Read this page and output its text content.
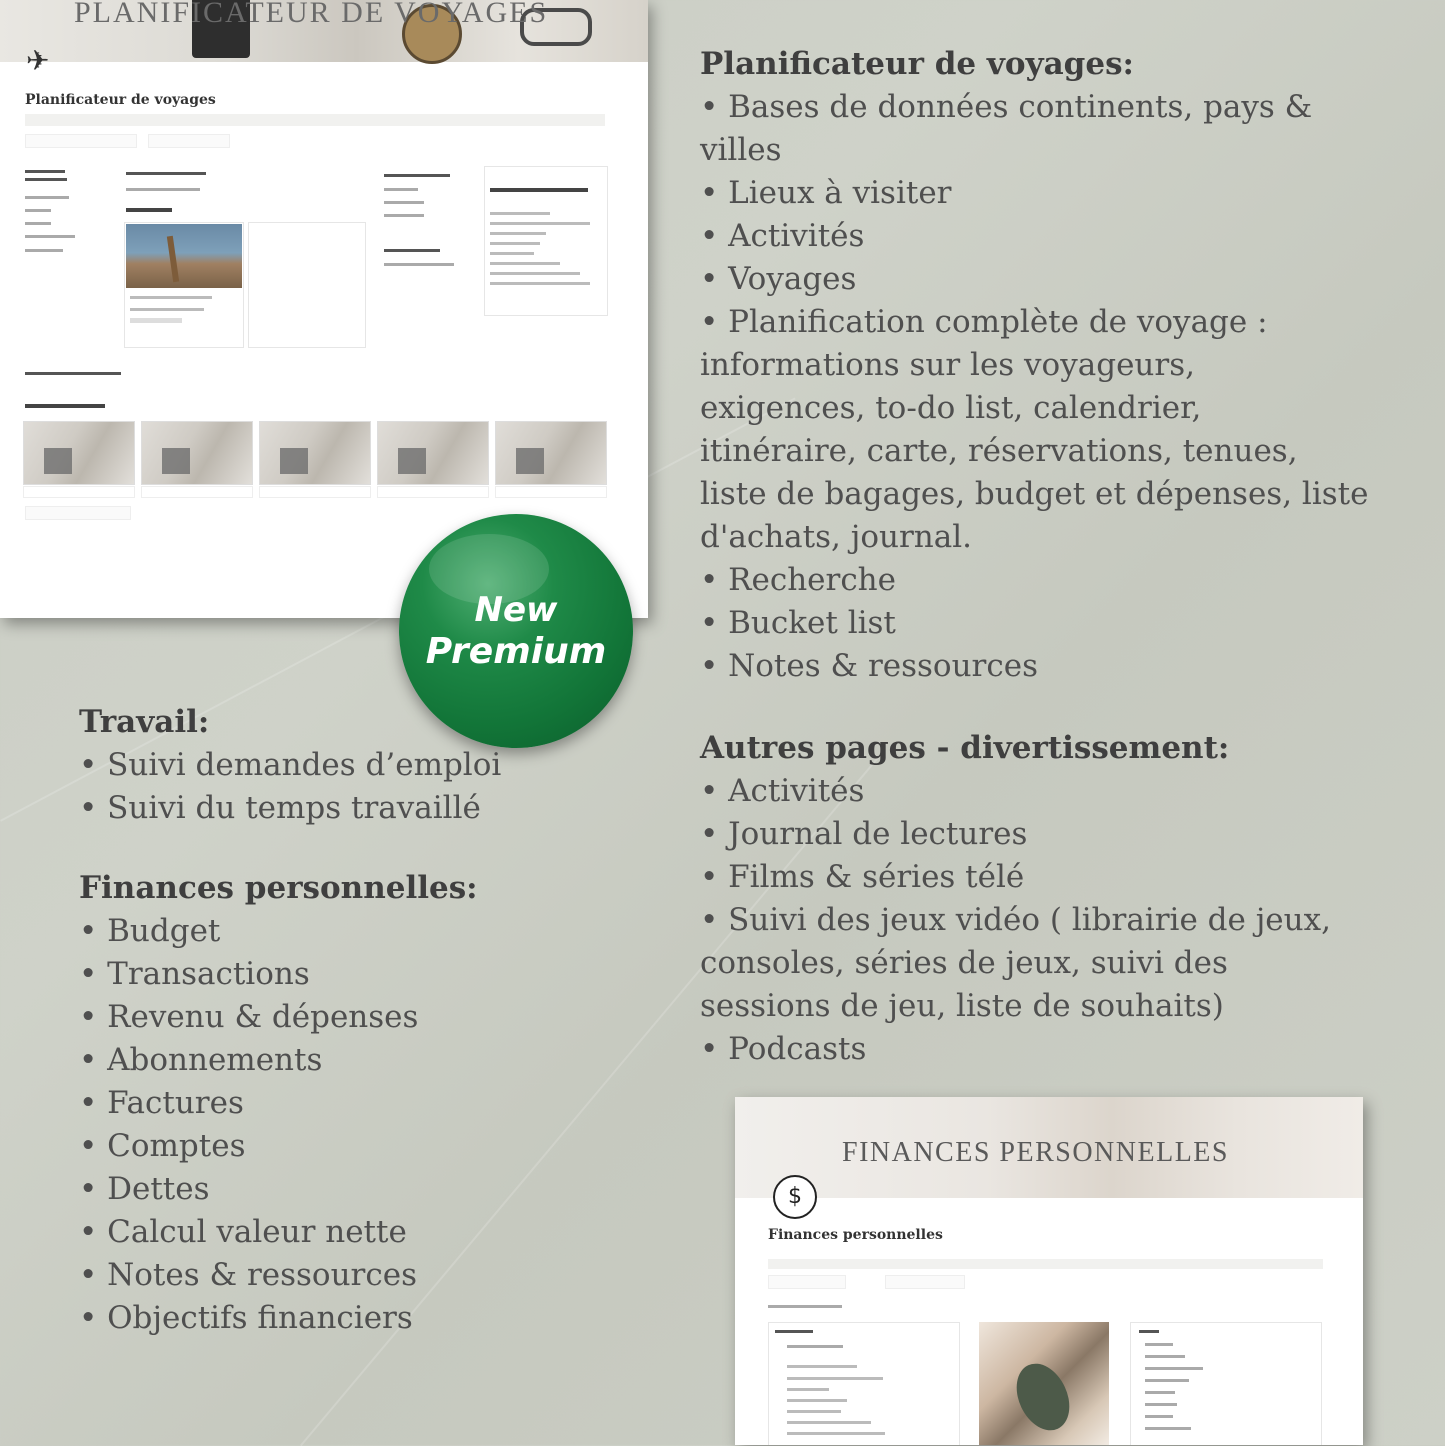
PLANIFICATEUR DE VOYAGES
✈
Planificateur de voyages
New
Premium
Planificateur de voyages:
• Bases de données continents, pays &
villes
• Lieux à visiter
• Activités
• Voyages
• Planification complète de voyage :
informations sur les voyageurs,
exigences, to-do list, calendrier,
itinéraire, carte, réservations, tenues,
liste de bagages, budget et dépenses, liste
d'achats, journal.
• Recherche
• Bucket list
• Notes & ressources
Autres pages - divertissement:
• Activités
• Journal de lectures
• Films & séries télé
• Suivi des jeux vidéo ( librairie de jeux,
consoles, séries de jeux, suivi des
sessions de jeu, liste de souhaits)
• Podcasts
Travail:
• Suivi demandes d’emploi
• Suivi du temps travaillé
Finances personnelles:
• Budget
• Transactions
• Revenu & dépenses
• Abonnements
• Factures
• Comptes
• Dettes
• Calcul valeur nette
• Notes & ressources
• Objectifs financiers
FINANCES PERSONNELLES
$
Finances personnelles
